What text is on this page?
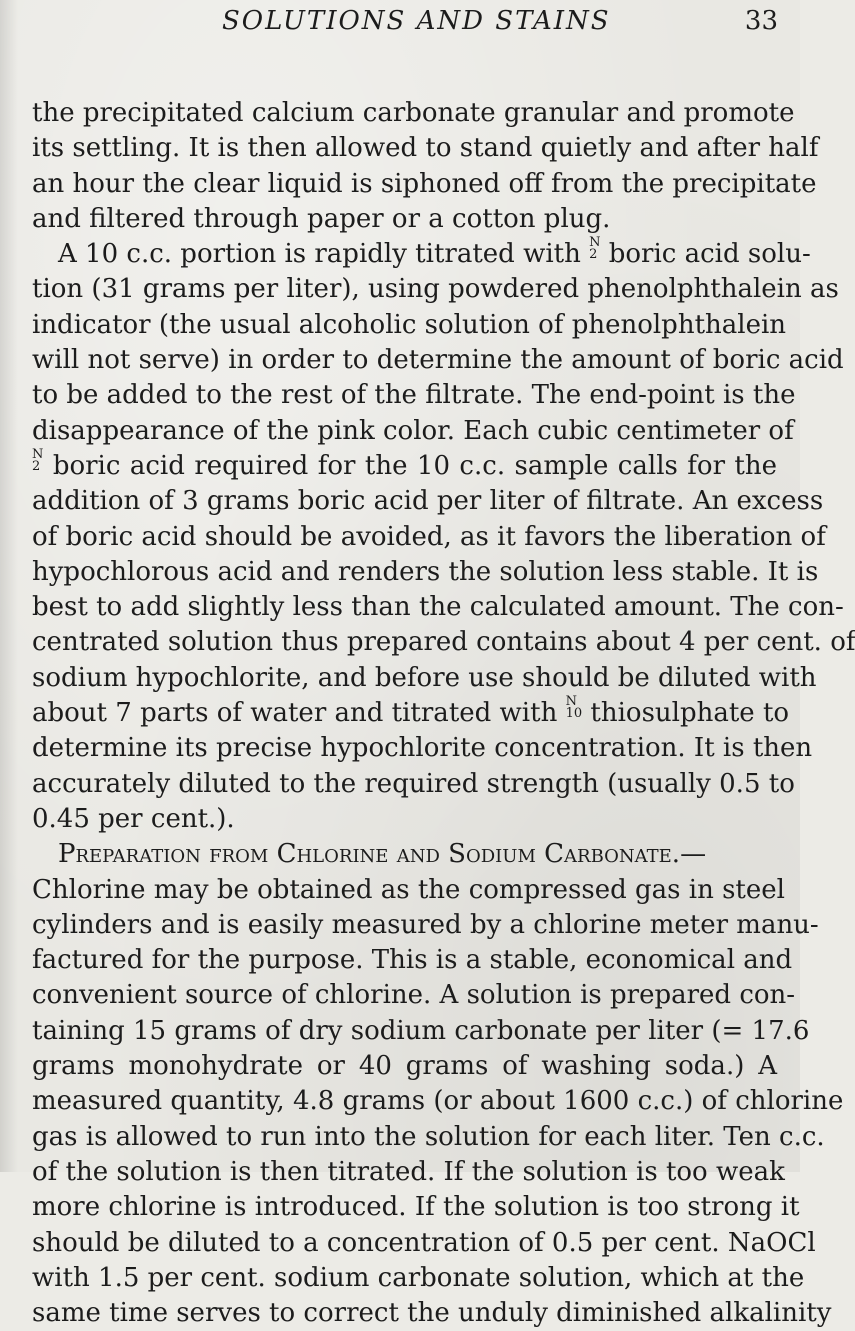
SOLUTIONS AND STAINS	33
the precipitated calcium carbonate granular and promote
its settling. It is then allowed to stand quietly and after half
an hour the clear liquid is siphoned off from the precipitate
and filtered through paper or a cotton plug.
A 10 c.c. portion is rapidly titrated with N
2 boric acid solu-
tion (31 grams per liter), using powdered phenolphthalein as
indicator (the usual alcoholic solution of phenolphthalein
will not serve) in order to determine the amount of boric acid
to be added to the rest of the filtrate. The end-point is the
disappearance of the pink color. Each cubic centimeter of
N
2 boric acid required for the 10 c.c. sample calls for the
addition of 3 grams boric acid per liter of filtrate. An excess
of boric acid should be avoided, as it favors the liberation of
hypochlorous acid and renders the solution less stable. It is
best to add slightly less than the calculated amount. The con-
centrated solution thus prepared contains about 4 per cent. of
sodium hypochlorite, and before use should be diluted with
about 7 parts of water and titrated with N
10 thiosulphate to
determine its precise hypochlorite concentration. It is then
accurately diluted to the required strength (usually 0.5 to
0.45 per cent.).
Preparation from Chlorine and Sodium Carbonate.—
Chlorine may be obtained as the compressed gas in steel
cylinders and is easily measured by a chlorine meter manu-
factured for the purpose. This is a stable, economical and
convenient source of chlorine. A solution is prepared con-
taining 15 grams of dry sodium carbonate per liter (= 17.6
grams monohydrate or 40 grams of washing soda.) A
measured quantity, 4.8 grams (or about 1600 c.c.) of chlorine
gas is allowed to run into the solution for each liter. Ten c.c.
of the solution is then titrated. If the solution is too weak
more chlorine is introduced. If the solution is too strong it
should be diluted to a concentration of 0.5 per cent. NaOCl
with 1.5 per cent. sodium carbonate solution, which at the
same time serves to correct the unduly diminished alkalinity
